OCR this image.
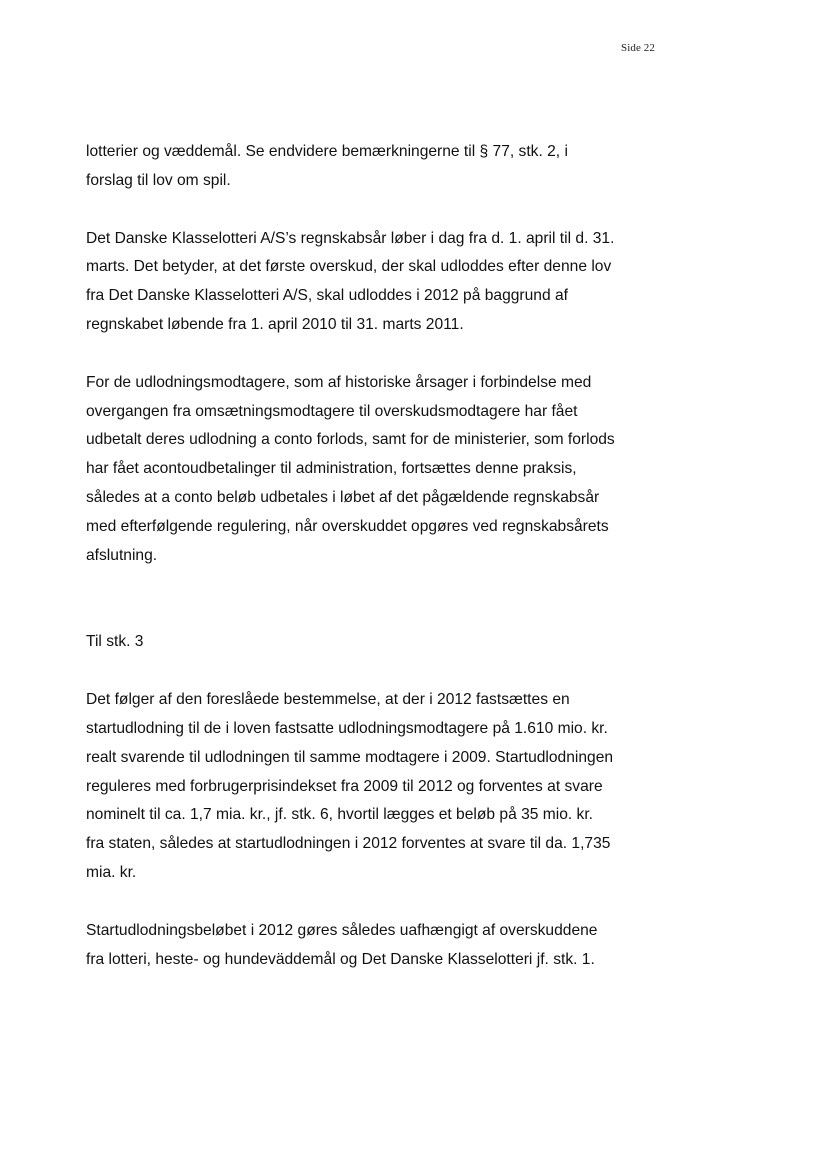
Side 22

lotterier og væddemål. Se endvidere bemærkningerne til § 77, stk. 2, i
forslag til lov om spil.

Det Danske Klasselotteri A/S’s regnskabsår løber i dag fra d. 1. april til d. 31.
marts. Det betyder, at det første overskud, der skal udloddes efter denne lov
fra Det Danske Klasselotteri A/S, skal udloddes i 2012 på baggrund af
regnskabet løbende fra 1. april 2010 til 31. marts 2011.

For de udlodningsmodtagere, som af historiske årsager i forbindelse med
overgangen fra omsætningsmodtagere til overskudsmodtagere har fået
udbetalt deres udlodning a conto forlods, samt for de ministerier, som forlods
har fået acontoudbetalinger til administration, fortsættes denne praksis,
således at a conto beløb udbetales i løbet af det pågældende regnskabsår
med efterfølgende regulering, når overskuddet opgøres ved regnskabsårets
afslutning.

Til stk. 3

Det følger af den foreslåede bestemmelse, at der i 2012 fastsættes en
startudlodning til de i loven fastsatte udlodningsmodtagere på 1.610 mio. kr.
realt svarende til udlodningen til samme modtagere i 2009. Startudlodningen
reguleres med forbrugerprisindekset fra 2009 til 2012 og forventes at svare
nominelt til ca. 1,7 mia. kr., jf. stk. 6, hvortil lægges et beløb på 35 mio. kr.
fra staten, således at startudlodningen i 2012 forventes at svare til da. 1,735
mia. kr.

Startudlodningsbeløbet i 2012 gøres således uafhængigt af overskuddene
fra lotteri, heste- og hundeväddemål og Det Danske Klasselotteri jf. stk. 1.
